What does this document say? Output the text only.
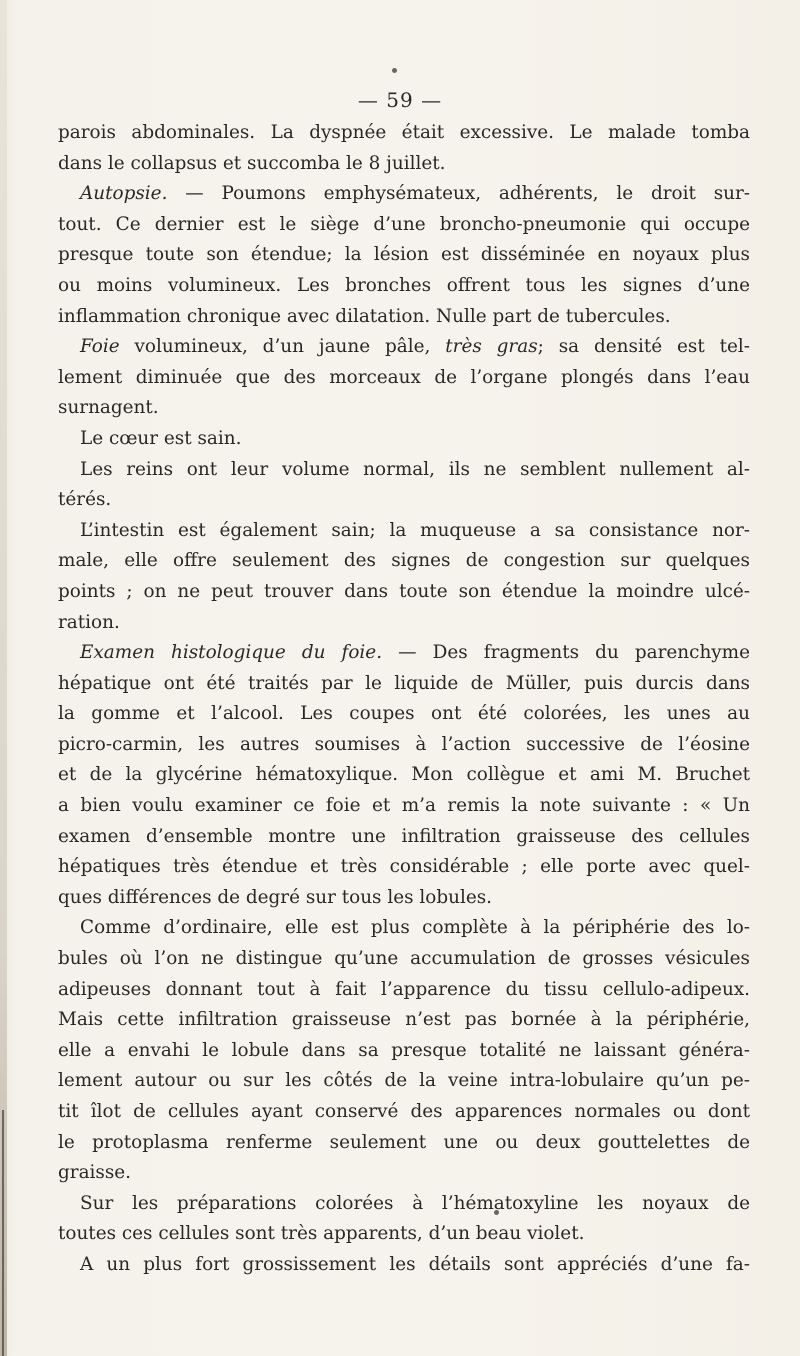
— 59 —
parois abdominales. La dyspnée était excessive. Le malade tomba
dans le collapsus et succomba le 8 juillet.
Autopsie. — Poumons emphysémateux, adhérents, le droit sur-
tout. Ce dernier est le siège d’une broncho-pneumonie qui occupe
presque toute son étendue; la lésion est disséminée en noyaux plus
ou moins volumineux. Les bronches offrent tous les signes d’une
inflammation chronique avec dilatation. Nulle part de tubercules.
Foie volumineux, d’un jaune pâle, très gras; sa densité est tel-
lement diminuée que des morceaux de l’organe plongés dans l’eau
surnagent.
Le cœur est sain.
Les reins ont leur volume normal, ils ne semblent nullement al-
térés.
L’intestin est également sain; la muqueuse a sa consistance nor-
male, elle offre seulement des signes de congestion sur quelques
points ; on ne peut trouver dans toute son étendue la moindre ulcé-
ration.
Examen histologique du foie. — Des fragments du parenchyme
hépatique ont été traités par le liquide de Müller, puis durcis dans
la gomme et l’alcool. Les coupes ont été colorées, les unes au
picro-carmin, les autres soumises à l’action successive de l’éosine
et de la glycérine hématoxylique. Mon collègue et ami M. Bruchet
a bien voulu examiner ce foie et m’a remis la note suivante : « Un
examen d’ensemble montre une infiltration graisseuse des cellules
hépatiques très étendue et très considérable ; elle porte avec quel-
ques différences de degré sur tous les lobules.
Comme d’ordinaire, elle est plus complète à la périphérie des lo-
bules où l’on ne distingue qu’une accumulation de grosses vésicules
adipeuses donnant tout à fait l’apparence du tissu cellulo-adipeux.
Mais cette infiltration graisseuse n’est pas bornée à la périphérie,
elle a envahi le lobule dans sa presque totalité ne laissant généra-
lement autour ou sur les côtés de la veine intra-lobulaire qu’un pe-
tit îlot de cellules ayant conservé des apparences normales ou dont
le protoplasma renferme seulement une ou deux gouttelettes de
graisse.
Sur les préparations colorées à l’hématoxyline les noyaux de
toutes ces cellules sont très apparents, d’un beau violet.
A un plus fort grossissement les détails sont appréciés d’une fa-
